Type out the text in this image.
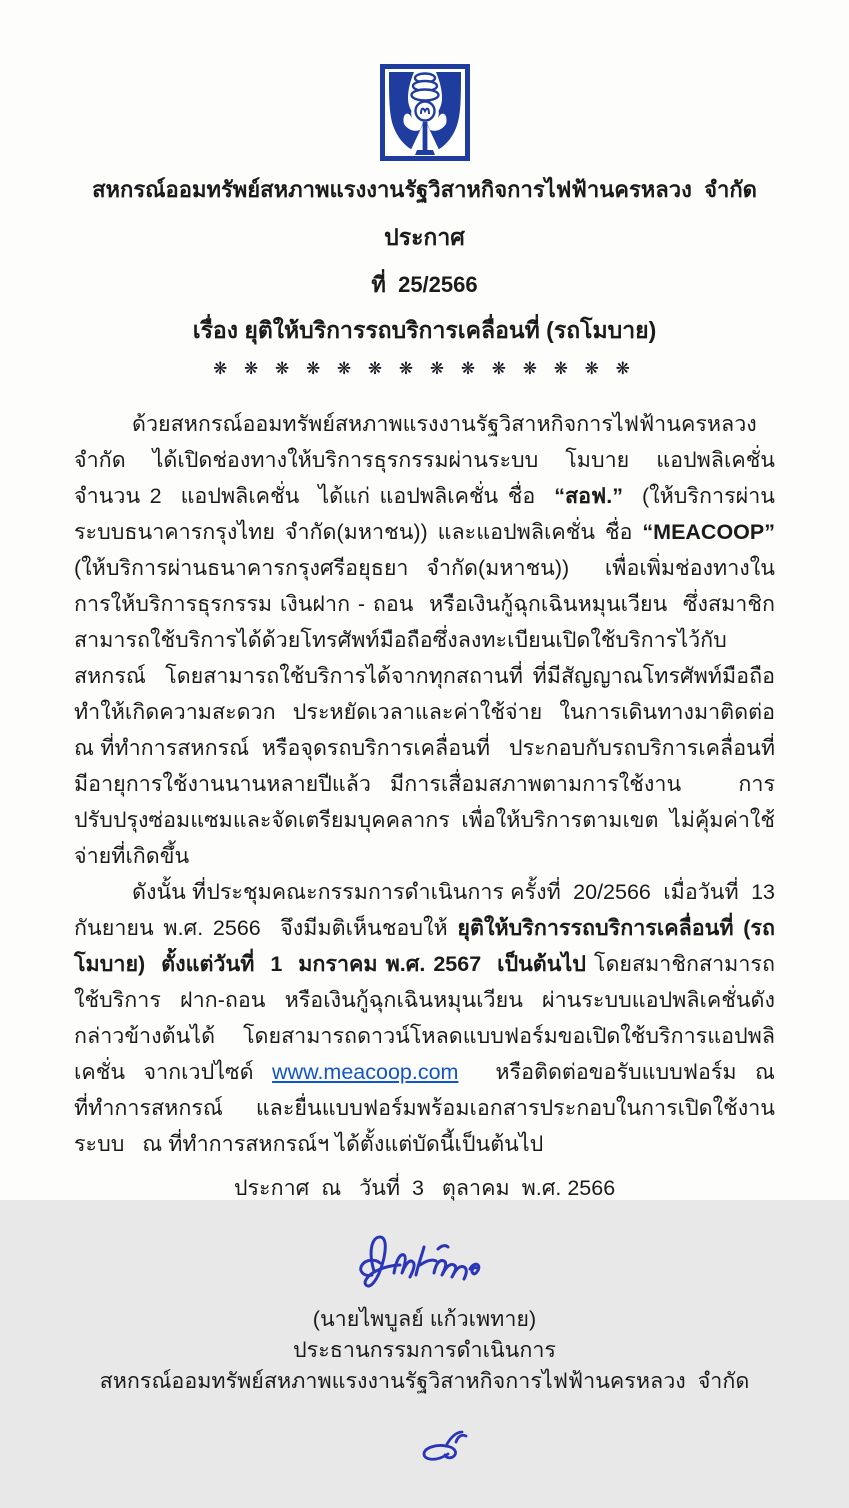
สหกรณ์ออมทรัพย์สหภาพแรงงานรัฐวิสาหกิจการไฟฟ้านครหลวง  จำกัด
ประกาศ
ที่  25/2566
เรื่อง ยุติให้บริการรถบริการเคลื่อนที่ (รถโมบาย)
❋ ❋ ❋ ❋ ❋ ❋ ❋ ❋ ❋ ❋ ❋ ❋ ❋ ❋

ด้วยสหกรณ์ออมทรัพย์สหภาพแรงงานรัฐวิสาหกิจการไฟฟ้านครหลวง จำกัด ได้เปิดช่องทางให้บริการธุรกรรมผ่านระบบ โมบาย แอปพลิเคชั่น  จำนวน 2  แอปพลิเคชั่น  ได้แก่ แอปพลิเคชั่น ชื่อ  “สอฟ.”  (ให้บริการผ่านระบบธนาคารกรุงไทย จำกัด(มหาชน)) และแอปพลิเคชั่น ชื่อ “MEACOOP” (ให้บริการผ่านธนาคารกรุงศรีอยุธยา จำกัด(มหาชน))  เพื่อเพิ่มช่องทางในการให้บริการธุรกรรม เงินฝาก - ถอน  หรือเงินกู้ฉุกเฉินหมุนเวียน  ซึ่งสมาชิกสามารถใช้บริการได้ด้วยโทรศัพท์มือถือซึ่งลงทะเบียนเปิดใช้บริการไว้กับสหกรณ์  โดยสามารถใช้บริการได้จากทุกสถานที่ ที่มีสัญญาณโทรศัพท์มือถือ   ทำให้เกิดความสะดวก ประหยัดเวลาและค่าใช้จ่าย ในการเดินทางมาติดต่อ ณ ที่ทำการสหกรณ์  หรือจุดรถบริการเคลื่อนที่   ประกอบกับรถบริการเคลื่อนที่ มีอายุการใช้งานนานหลายปีแล้ว มีการเสื่อมสภาพตามการใช้งาน   การปรับปรุงซ่อมแซมและจัดเตรียมบุคคลากร เพื่อให้บริการตามเขต ไม่คุ้มค่าใช้จ่ายที่เกิดขึ้น

ดังนั้น ที่ประชุมคณะกรรมการดำเนินการ ครั้งที่  20/2566  เมื่อวันที่  13  กันยายน พ.ศ. 2566  จึงมีมติเห็นชอบให้ ยุติให้บริการรถบริการเคลื่อนที่ (รถโมบาย)  ตั้งแต่วันที่  1  มกราคม พ.ศ. 2567  เป็นต้นไป โดยสมาชิกสามารถใช้บริการ ฝาก-ถอน หรือเงินกู้ฉุกเฉินหมุนเวียน ผ่านระบบแอปพลิเคชั่นดังกล่าวข้างต้นได้  โดยสามารถดาวน์โหลดแบบฟอร์มขอเปิดใช้บริการแอปพลิเคชั่น จากเวปไซด์ www.meacoop.com  หรือติดต่อขอรับแบบฟอร์ม ณ  ที่ทำการสหกรณ์   และยื่นแบบฟอร์มพร้อมเอกสารประกอบในการเปิดใช้งานระบบ   ณ ที่ทำการสหกรณ์ฯ ได้ตั้งแต่บัดนี้เป็นต้นไป

ประกาศ  ณ   วันที่  3   ตุลาคม  พ.ศ. 2566
(นายไพบูลย์ แก้วเพทาย)
ประธานกรรมการดำเนินการ
สหกรณ์ออมทรัพย์สหภาพแรงงานรัฐวิสาหกิจการไฟฟ้านครหลวง  จำกัด
